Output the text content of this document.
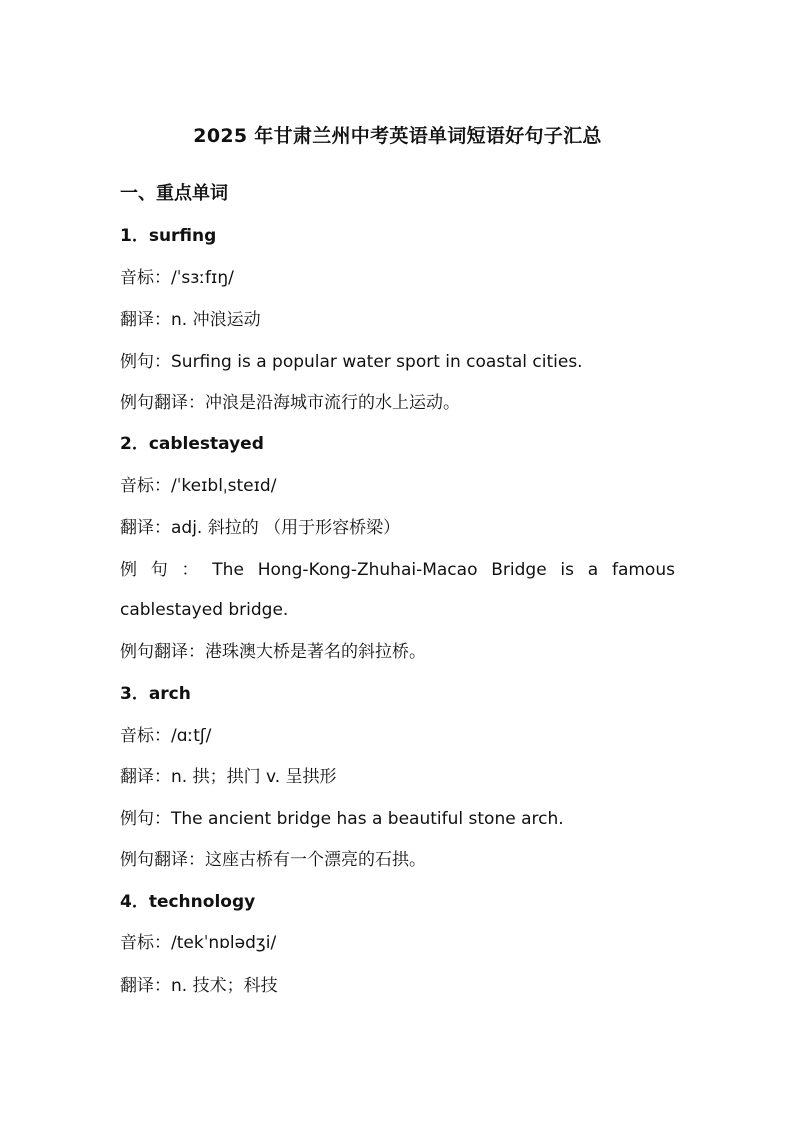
2025 年甘肃兰州中考英语单词短语好句子汇总
一、重点单词
1．surfing
音标：/ˈsɜːfɪŋ/
翻译：n. 冲浪运动
例句：Surfing is a popular water sport in coastal cities.
例句翻译：冲浪是沿海城市流行的水上运动。
2．cablestayed
音标：/ˈkeɪblˌsteɪd/
翻译：adj. 斜拉的 （用于形容桥梁）
例 句 ： The Hong-Kong-Zhuhai-Macao Bridge is a famous
cablestayed bridge.
例句翻译：港珠澳大桥是著名的斜拉桥。
3．arch
音标：/ɑːtʃ/
翻译：n. 拱；拱门 v. 呈拱形
例句：The ancient bridge has a beautiful stone arch.
例句翻译：这座古桥有一个漂亮的石拱。
4．technology
音标：/tekˈnɒlədʒi/
翻译：n. 技术；科技
